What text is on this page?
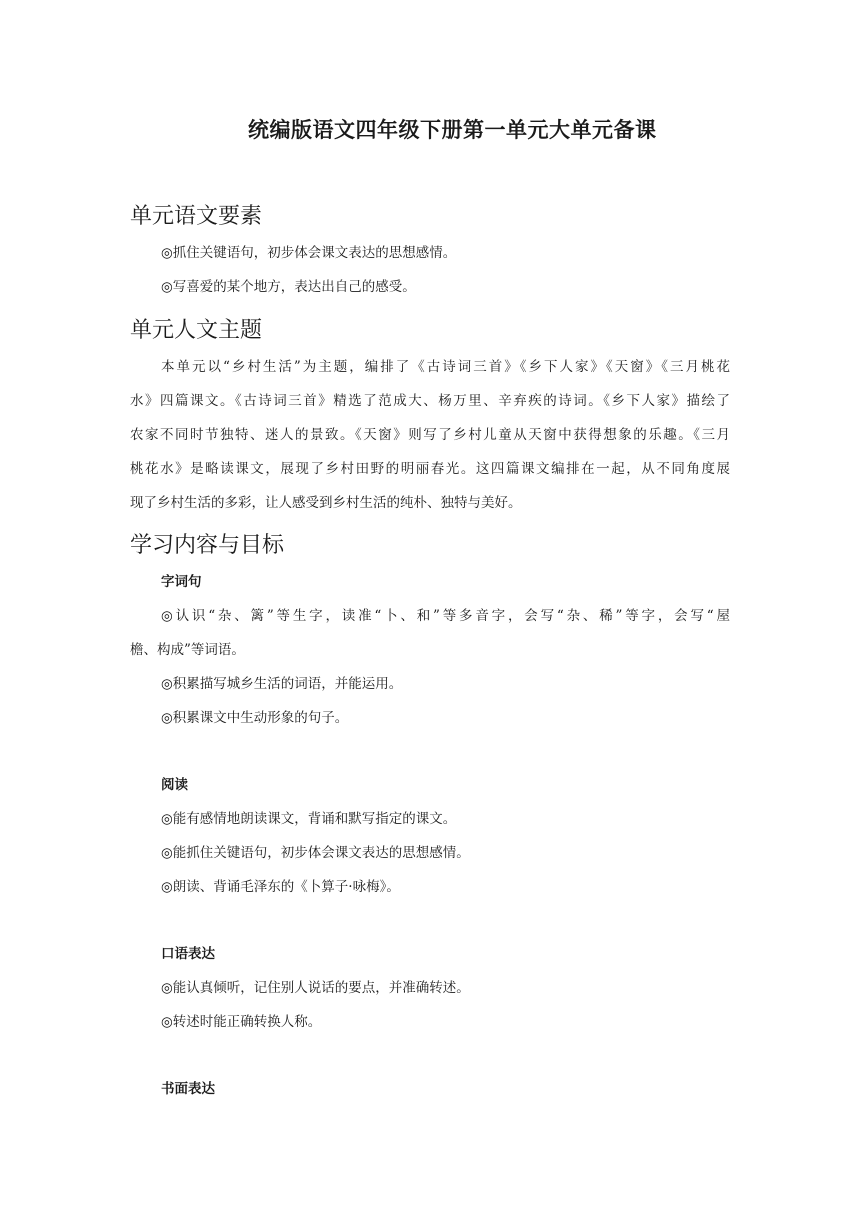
统编版语文四年级下册第一单元大单元备课
单元语文要素

◎抓住关键语句，初步体会课文表达的思想感情。

◎写喜爱的某个地方，表达出自己的感受。

单元人文主题
本单元以“乡村生活”为主题，编排了《古诗词三首》《乡下人家》《天窗》《三月桃花
水》四篇课文。《古诗词三首》精选了范成大、杨万里、辛弃疾的诗词。《乡下人家》描绘了
农家不同时节独特、迷人的景致。《天窗》则写了乡村儿童从天窗中获得想象的乐趣。《三月
桃花水》是略读课文，展现了乡村田野的明丽春光。这四篇课文编排在一起，从不同角度展
现了乡村生活的多彩，让人感受到乡村生活的纯朴、独特与美好。
学习内容与目标

字词句

◎认识“杂、篱”等生字，读准“卜、和”等多音字，会写“杂、稀”等字，会写“屋
檐、构成”等词语。

◎积累描写城乡生活的词语，并能运用。

◎积累课文中生动形象的句子。

阅读

◎能有感情地朗读课文，背诵和默写指定的课文。

◎能抓住关键语句，初步体会课文表达的思想感情。

◎朗读、背诵毛泽东的《卜算子·咏梅》。

口语表达

◎能认真倾听，记住别人说话的要点，并准确转述。

◎转述时能正确转换人称。

书面表达
